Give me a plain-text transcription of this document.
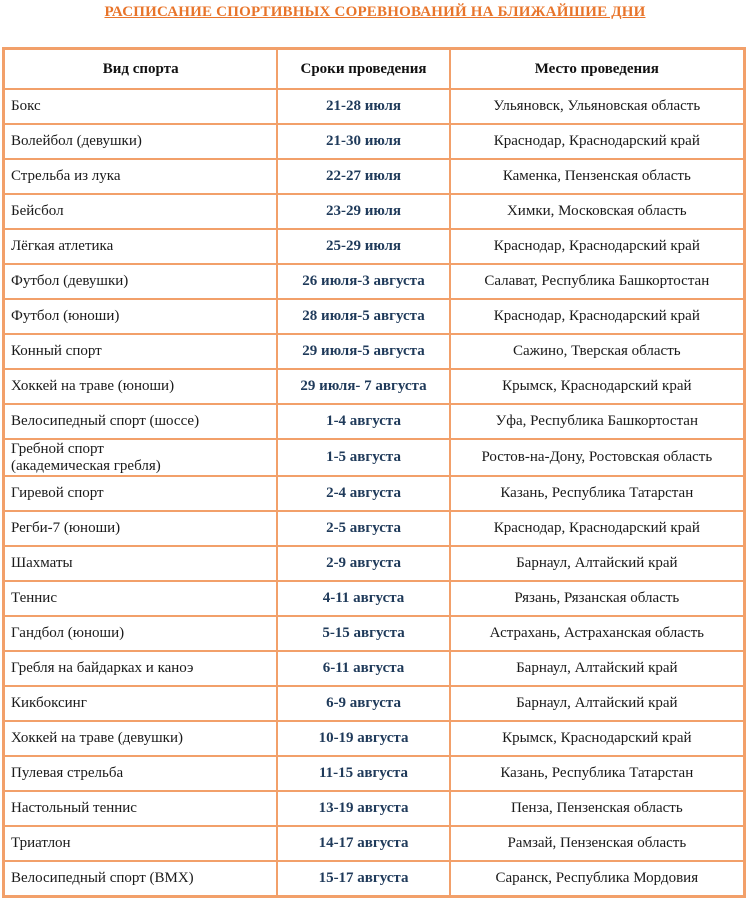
РАСПИСАНИЕ СПОРТИВНЫХ СОРЕВНОВАНИЙ НА БЛИЖАЙШИЕ ДНИ
Вид спорта	Сроки проведения	Место проведения
Бокс	21-28 июля	Ульяновск, Ульяновская область
Волейбол (девушки)	21-30 июля	Краснодар, Краснодарский край
Стрельба из лука	22-27 июля	Каменка, Пензенская область
Бейсбол	23-29 июля	Химки, Московская область
Лёгкая атлетика	25-29 июля	Краснодар, Краснодарский край
Футбол (девушки)	26 июля-3 августа	Салават, Республика Башкортостан
Футбол (юноши)	28 июля-5 августа	Краснодар, Краснодарский край
Конный спорт	29 июля-5 августа	Сажино, Тверская область
Хоккей на траве (юноши)	29 июля- 7 августа	Крымск, Краснодарский край
Велосипедный спорт (шоссе)	1-4 августа	Уфа, Республика Башкортостан
Гребной спорт
(академическая гребля)	1-5 августа	Ростов-на-Дону, Ростовская область
Гиревой спорт	2-4 августа	Казань, Республика Татарстан
Регби-7 (юноши)	2-5 августа	Краснодар, Краснодарский край
Шахматы	2-9 августа	Барнаул, Алтайский край
Теннис	4-11 августа	Рязань, Рязанская область
Гандбол (юноши)	5-15 августа	Астрахань, Астраханская область
Гребля на байдарках и каноэ	6-11 августа	Барнаул, Алтайский край
Кикбоксинг	6-9 августа	Барнаул, Алтайский край
Хоккей на траве (девушки)	10-19 августа	Крымск, Краснодарский край
Пулевая стрельба	11-15 августа	Казань, Республика Татарстан
Настольный теннис	13-19 августа	Пенза, Пензенская область
Триатлон	14-17 августа	Рамзай, Пензенская область
Велосипедный спорт (BMX)	15-17 августа	Саранск, Республика Мордовия
